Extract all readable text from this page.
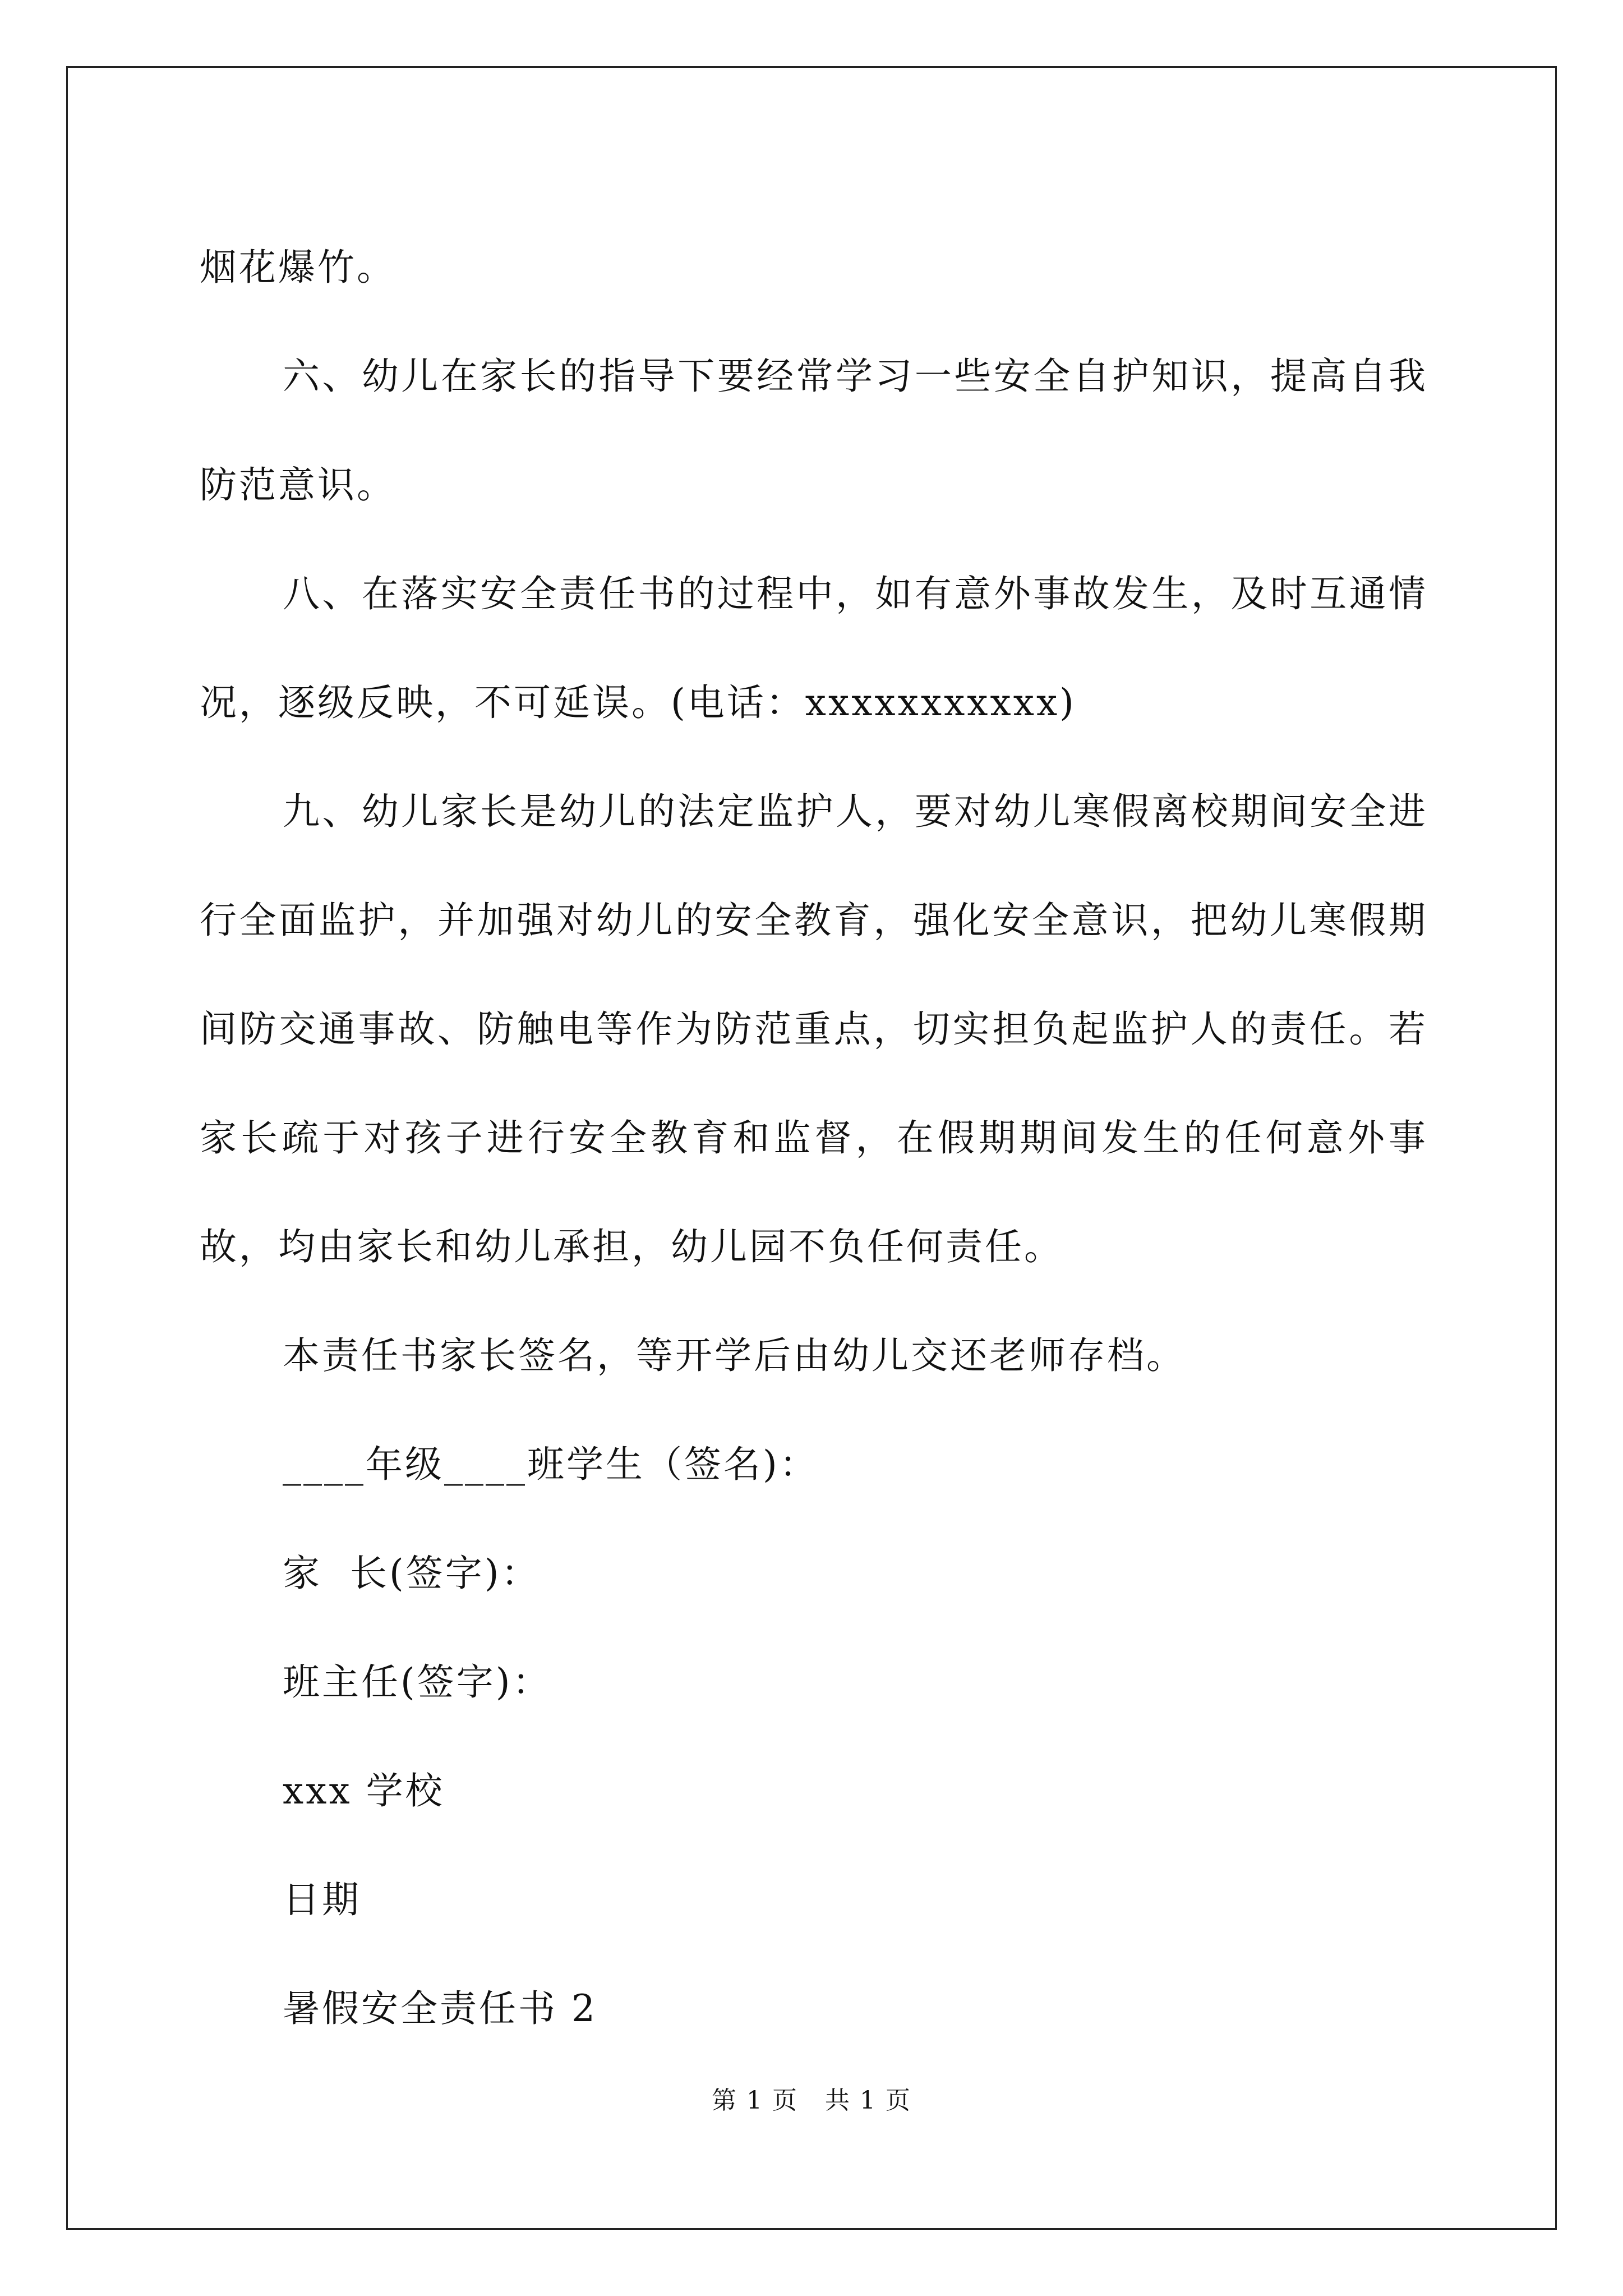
烟花爆竹。

六、幼儿在家长的指导下要经常学习一些安全自护知识，提高自我防范意识。

八、在落实安全责任书的过程中，如有意外事故发生，及时互通情况，逐级反映，不可延误。(电话：xxxxxxxxxxx)

九、幼儿家长是幼儿的法定监护人，要对幼儿寒假离校期间安全进行全面监护，并加强对幼儿的安全教育，强化安全意识，把幼儿寒假期间防交通事故、防触电等作为防范重点，切实担负起监护人的责任。若家长疏于对孩子进行安全教育和监督，在假期期间发生的任何意外事故，均由家长和幼儿承担，幼儿园不负任何责任。

本责任书家长签名，等开学后由幼儿交还老师存档。

____年级____班学生（签名)：

家  长(签字)：

班主任(签字)：

xxx 学校

日期

暑假安全责任书 2

第 1 页   共 1 页
